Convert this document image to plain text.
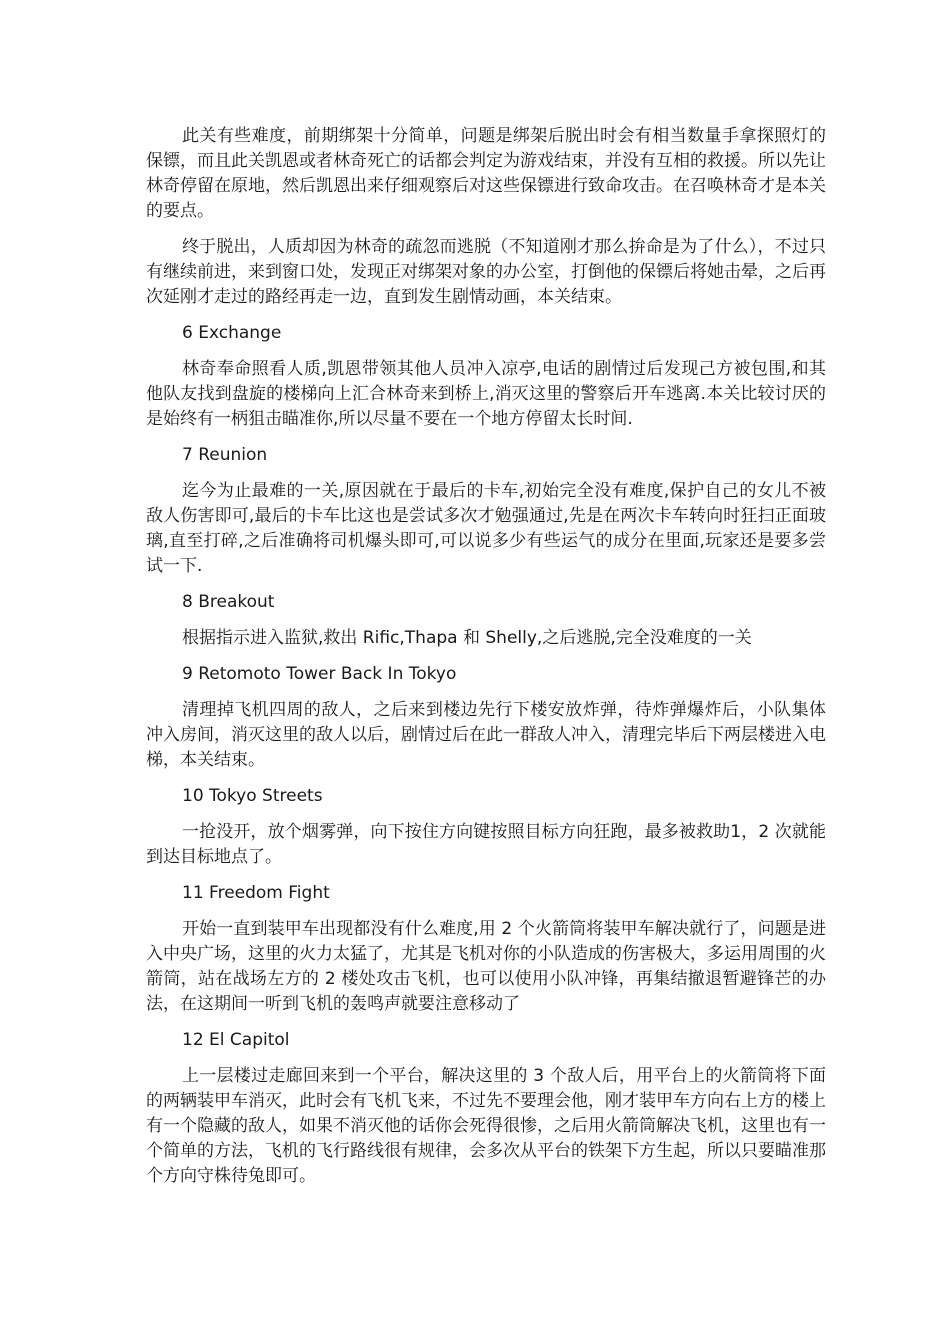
此关有些难度，前期绑架十分简单，问题是绑架后脱出时会有相当数量手拿探照灯的保镖，而且此关凯恩或者林奇死亡的话都会判定为游戏结束，并没有互相的救援。所以先让林奇停留在原地，然后凯恩出来仔细观察后对这些保镖进行致命攻击。在召唤林奇才是本关的要点。

终于脱出，人质却因为林奇的疏忽而逃脱（不知道刚才那么拚命是为了什么），不过只有继续前进，来到窗口处，发现正对绑架对象的办公室，打倒他的保镖后将她击晕，之后再次延刚才走过的路经再走一边，直到发生剧情动画，本关结束。

6 Exchange

林奇奉命照看人质,凯恩带领其他人员冲入凉亭,电话的剧情过后发现己方被包围,和其他队友找到盘旋的楼梯向上汇合林奇来到桥上,消灭这里的警察后开车逃离.本关比较讨厌的是始终有一柄狙击瞄准你,所以尽量不要在一个地方停留太长时间.

7 Reunion

迄今为止最难的一关,原因就在于最后的卡车,初始完全没有难度,保护自己的女儿不被敌人伤害即可,最后的卡车比这也是尝试多次才勉强通过,先是在两次卡车转向时狂扫正面玻璃,直至打碎,之后准确将司机爆头即可,可以说多少有些运气的成分在里面,玩家还是要多尝试一下.

8 Breakout

根据指示进入监狱,救出 Rific,Thapa 和 Shelly,之后逃脱,完全没难度的一关

9 Retomoto Tower Back In Tokyo

清理掉飞机四周的敌人，之后来到楼边先行下楼安放炸弹，待炸弹爆炸后，小队集体冲入房间，消灭这里的敌人以后，剧情过后在此一群敌人冲入，清理完毕后下两层楼进入电梯，本关结束。

10 Tokyo Streets

一抢没开，放个烟雾弹，向下按住方向键按照目标方向狂跑，最多被救助1，2 次就能到达目标地点了。

11 Freedom Fight

开始一直到装甲车出现都没有什么难度,用 2 个火箭筒将装甲车解决就行了，问题是进入中央广场，这里的火力太猛了，尤其是飞机对你的小队造成的伤害极大，多运用周围的火箭筒，站在战场左方的 2 楼处攻击飞机，也可以使用小队冲锋，再集结撤退暂避锋芒的办法，在这期间一听到飞机的轰鸣声就要注意移动了

12 El Capitol

上一层楼过走廊回来到一个平台，解决这里的 3 个敌人后，用平台上的火箭筒将下面的两辆装甲车消灭，此时会有飞机飞来，不过先不要理会他，刚才装甲车方向右上方的楼上有一个隐藏的敌人，如果不消灭他的话你会死得很惨，之后用火箭筒解决飞机，这里也有一个简单的方法，飞机的飞行路线很有规律，会多次从平台的铁架下方生起，所以只要瞄准那个方向守株待兔即可。
